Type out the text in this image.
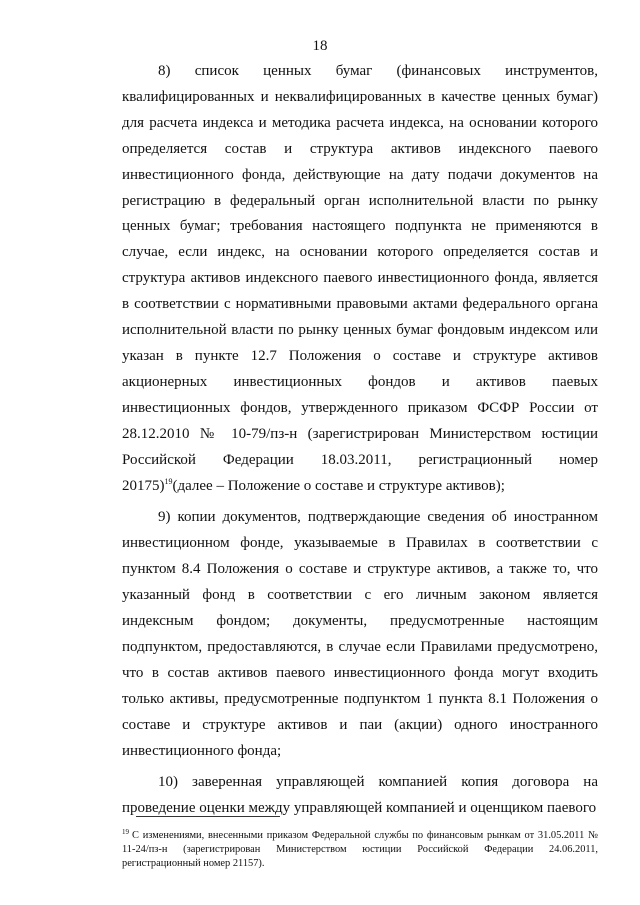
18

8) список ценных бумаг (финансовых инструментов, квалифицированных и неквалифицированных в качестве ценных бумаг) для расчета индекса и методика расчета индекса, на основании которого определяется состав и структура активов индексного паевого инвестиционного фонда, действующие на дату подачи документов на регистрацию в федеральный орган исполнительной власти по рынку ценных бумаг; требования настоящего подпункта не применяются в случае, если индекс, на основании которого определяется состав и структура активов индексного паевого инвестиционного фонда, является в соответствии с нормативными правовыми актами федерального органа исполнительной власти по рынку ценных бумаг фондовым индексом или указан в пункте 12.7 Положения о составе и структуре активов акционерных инвестиционных фондов и активов паевых инвестиционных фондов, утвержденного приказом ФСФР России от 28.12.2010 № 10-79/пз-н (зарегистрирован Министерством юстиции Российской Федерации 18.03.2011, регистрационный номер 20175)$^{19}$(далее – Положение о составе и структуре активов);

9) копии документов, подтверждающие сведения об иностранном инвестиционном фонде, указываемые в Правилах в соответствии с пунктом 8.4 Положения о составе и структуре активов, а также то, что указанный фонд в соответствии с его личным законом является индексным фондом; документы, предусмотренные настоящим подпунктом, предоставляются, в случае если Правилами предусмотрено, что в состав активов паевого инвестиционного фонда могут входить только активы, предусмотренные подпунктом 1 пункта 8.1 Положения о составе и структуре активов и паи (акции) одного иностранного инвестиционного фонда;

10) заверенная управляющей компанией копия договора на проведение оценки между управляющей компанией и оценщиком паевого

$^{19}$ С изменениями, внесенными приказом Федеральной службы по финансовым рынкам от 31.05.2011 № 11-24/пз-н (зарегистрирован Министерством юстиции Российской Федерации 24.06.2011, регистрационный номер 21157).
